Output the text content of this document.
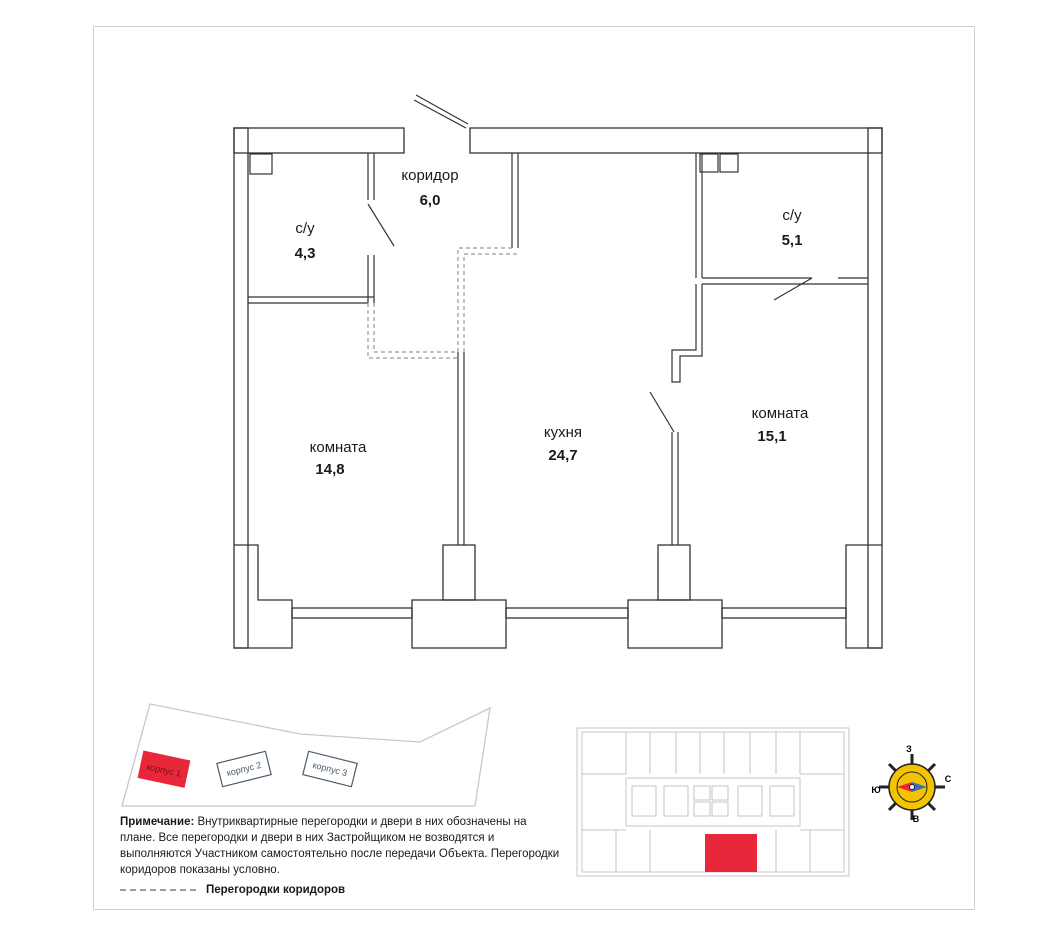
коридор
6,0
с/у
4,3
с/у
5,1
комната
14,8
кухня
24,7
комната
15,1
корпус 1	корпус 2	корпус 3
З
С
Ю
В
Примечание: Внутриквартирные перегородки и двери в них обозначены на плане. Все перегородки и двери в них Застройщиком не возводятся и выполняются Участником самостоятельно после передачи Объекта. Перегородки коридоров показаны условно.
Перегородки коридоров
